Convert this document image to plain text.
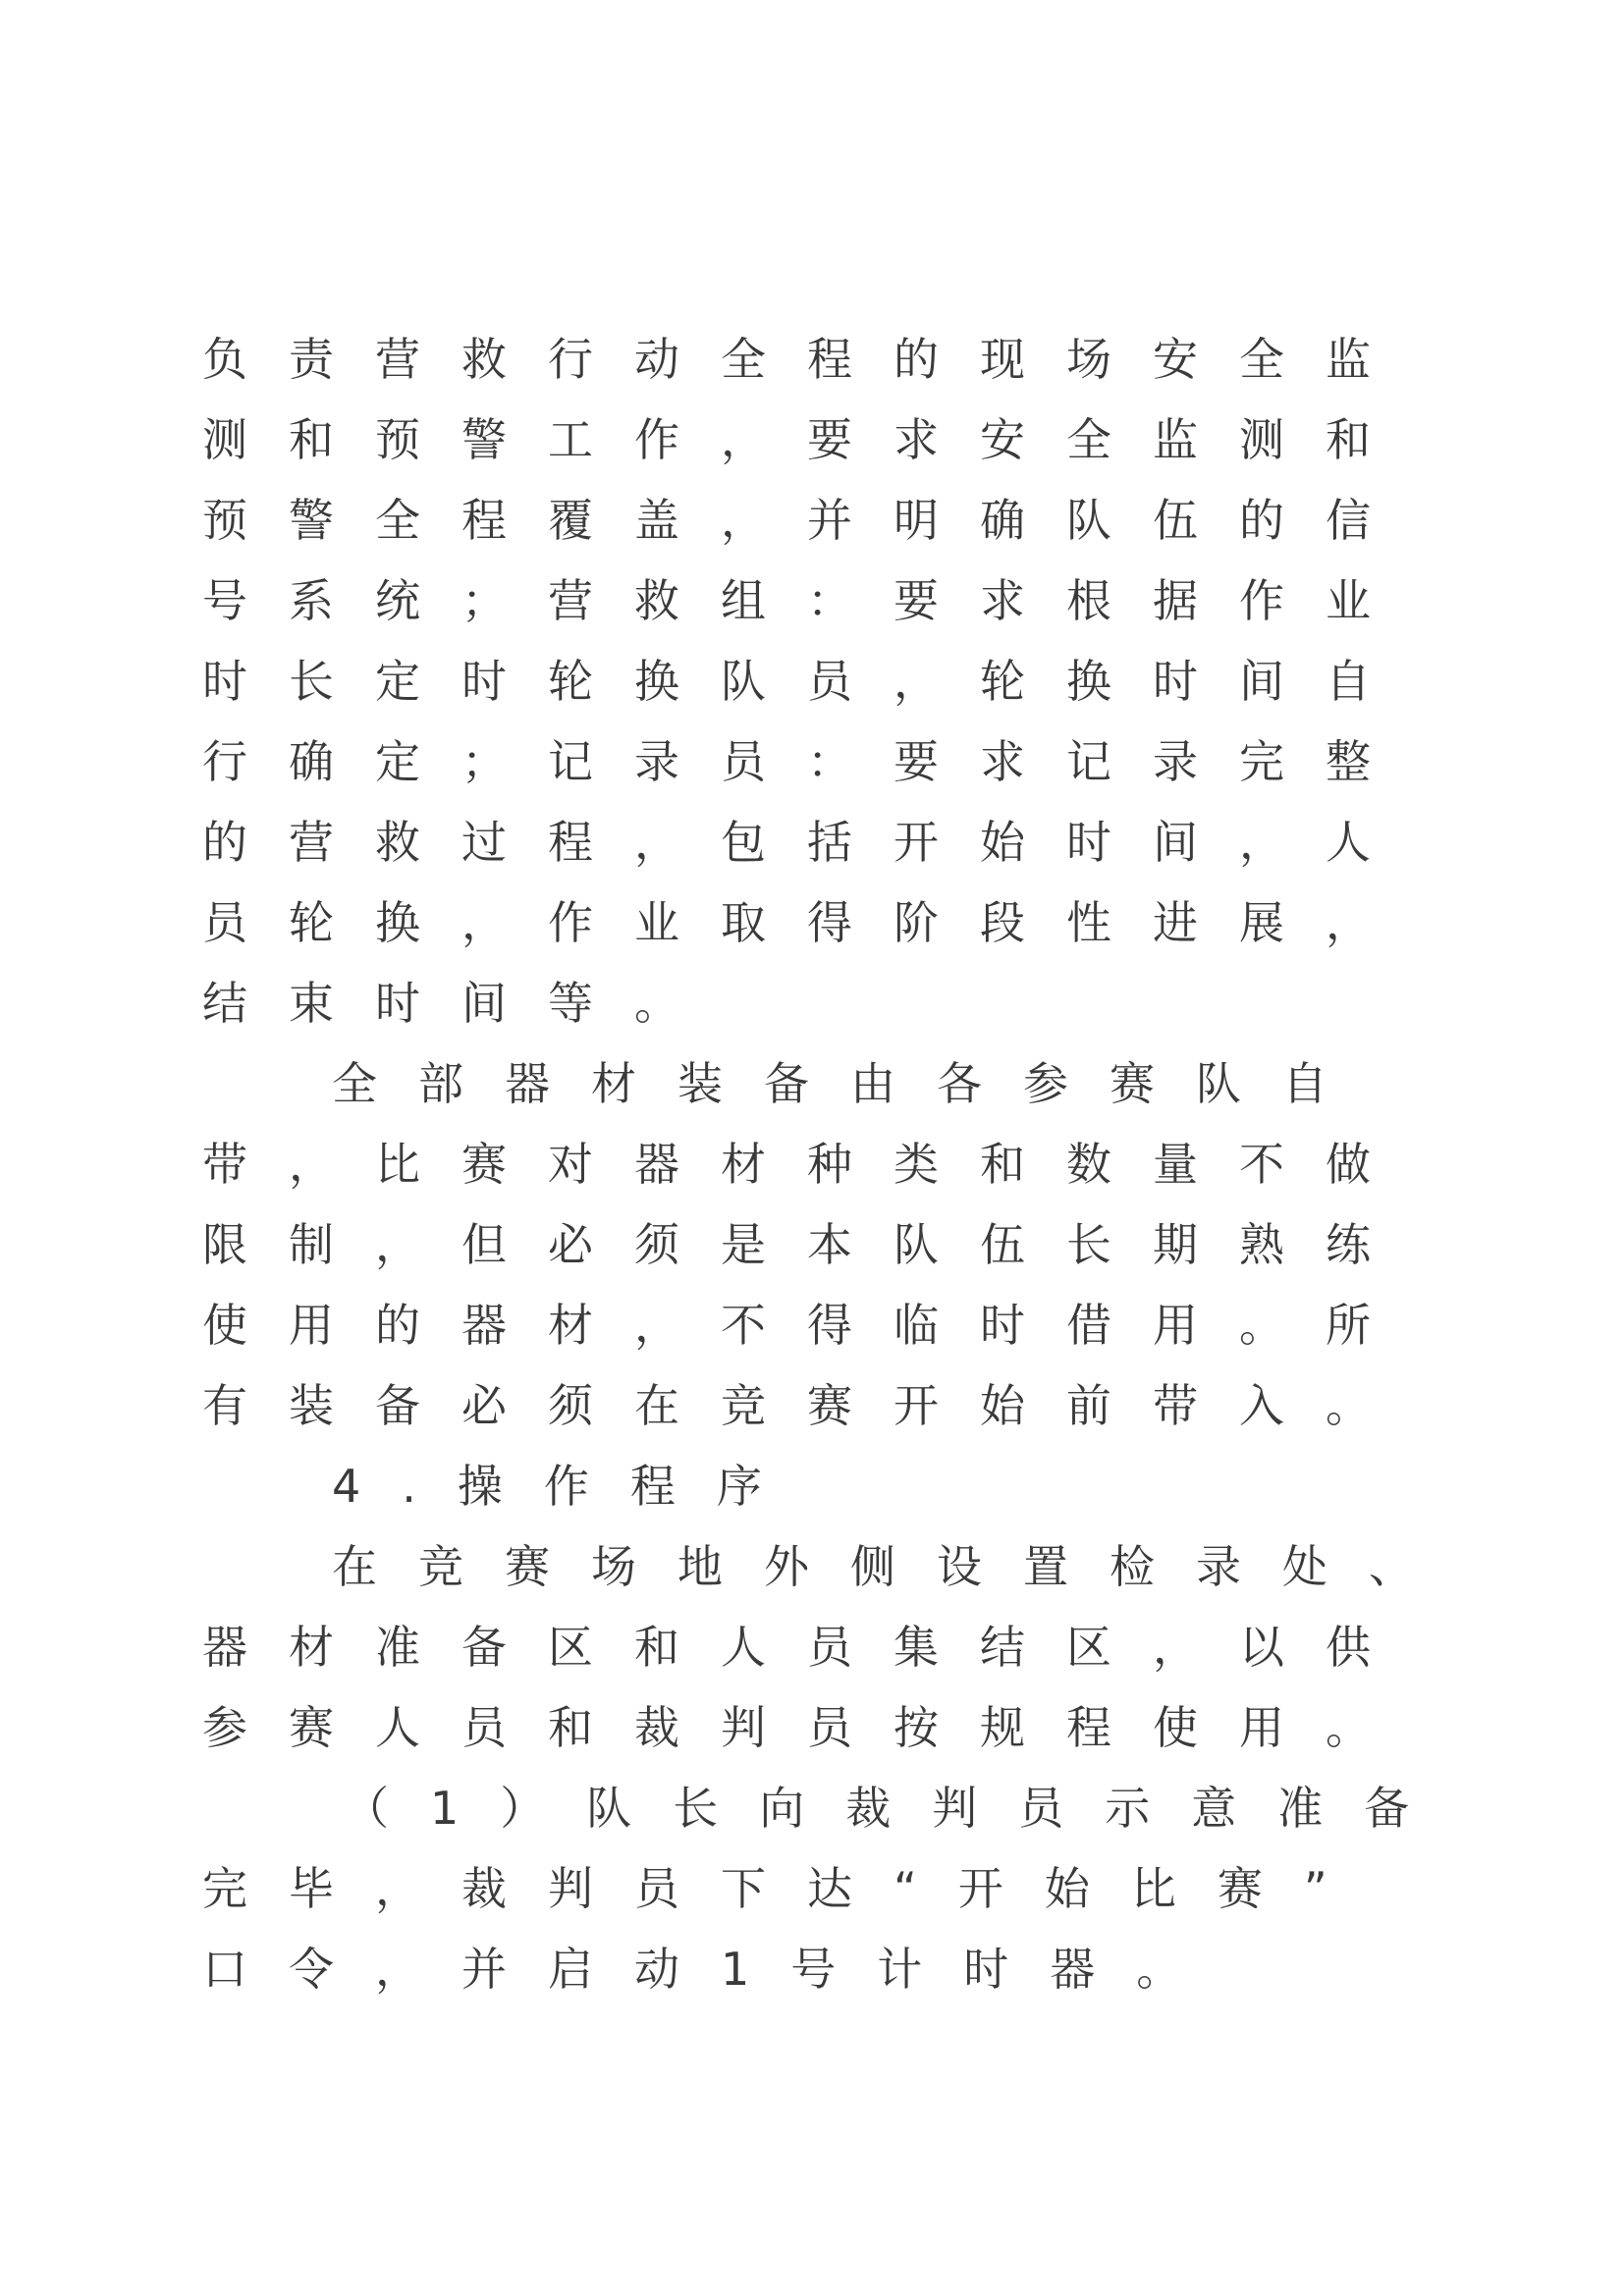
负责营救行动全程的现场安全监
测和预警工作，要求安全监测和
预警全程覆盖，并明确队伍的信
号系统；营救组：要求根据作业
时长定时轮换队员，轮换时间自
行确定；记录员：要求记录完整
的营救过程，包括开始时间，人
员轮换，作业取得阶段性进展，
结束时间等。
全部器材装备由各参赛队自
带，比赛对器材种类和数量不做
限制，但必须是本队伍长期熟练
使用的器材，不得临时借用。所
有装备必须在竞赛开始前带入。
4.操作程序
在竞赛场地外侧设置检录处、
器材准备区和人员集结区，以供
参赛人员和裁判员按规程使用。
（1）队长向裁判员示意准备
完毕，裁判员下达“开始比赛”
口令，并启动1号计时器。
